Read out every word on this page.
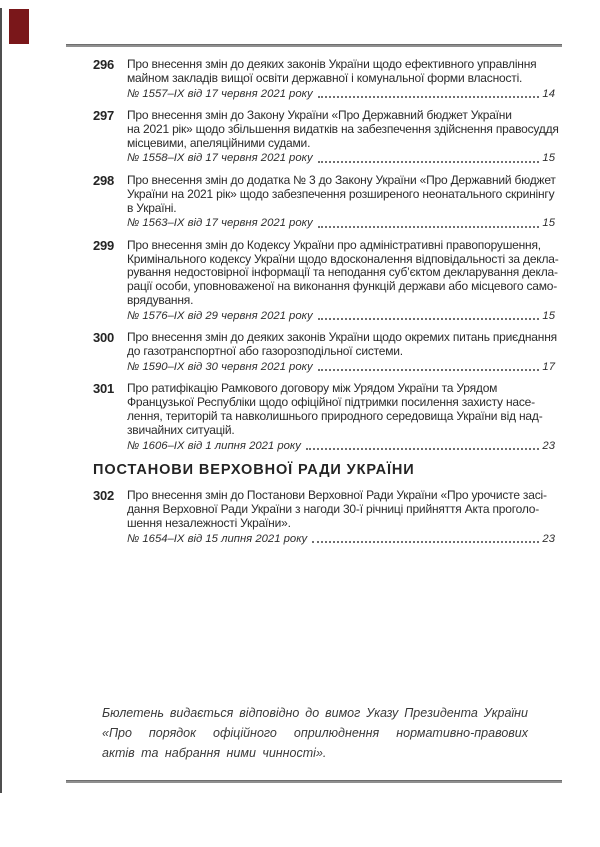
296	Про внесення змін до деяких законів України щодо ефективного управління
майном закладів вищої освіти державної і комунальної форми власності.
№ 1557–ІХ від 17 червня 2021 року	14
297	Про внесення змін до Закону України «Про Державний бюджет України
на 2021 рік» щодо збільшення видатків на забезпечення здійснення правосуддя
місцевими, апеляційними судами.
№ 1558–ІХ від 17 червня 2021 року	15
298	Про внесення змін до додатка № 3 до Закону України «Про Державний бюджет
України на 2021 рік» щодо забезпечення розширеного неонатального скринінгу
в Україні.
№ 1563–ІХ від 17 червня 2021 року	15
299	Про внесення змін до Кодексу України про адміністративні правопорушення,
Кримінального кодексу України щодо вдосконалення відповідальності за декла-
рування недостовірної інформації та неподання суб’єктом декларування декла-
рації особи, уповноваженої на виконання функцій держави або місцевого само-
врядування.
№ 1576–ІХ від 29 червня 2021 року	15
300	Про внесення змін до деяких законів України щодо окремих питань приєднання
до газотранспортної або газорозподільної системи.
№ 1590–ІХ від 30 червня 2021 року	17
301	Про ратифікацію Рамкового договору між Урядом України та Урядом
Французької Республіки щодо офіційної підтримки посилення захисту насе-
лення, територій та навколишнього природного середовища України від над-
звичайних ситуацій.
№ 1606–ІХ від 1 липня 2021 року	23
ПОСТАНОВИ ВЕРХОВНОЇ РАДИ УКРАЇНИ
302	Про внесення змін до Постанови Верховної Ради України «Про урочисте засі-
дання Верховної Ради України з нагоди 30-ї річниці прийняття Акта проголо-
шення незалежності України».
№ 1654–ІХ від 15 липня 2021 року	23
Бюлетень видається відповідно до вимог Указу Президента України
«Про порядок офіційного оприлюднення нормативно-правових
актів та набрання ними чинності».
